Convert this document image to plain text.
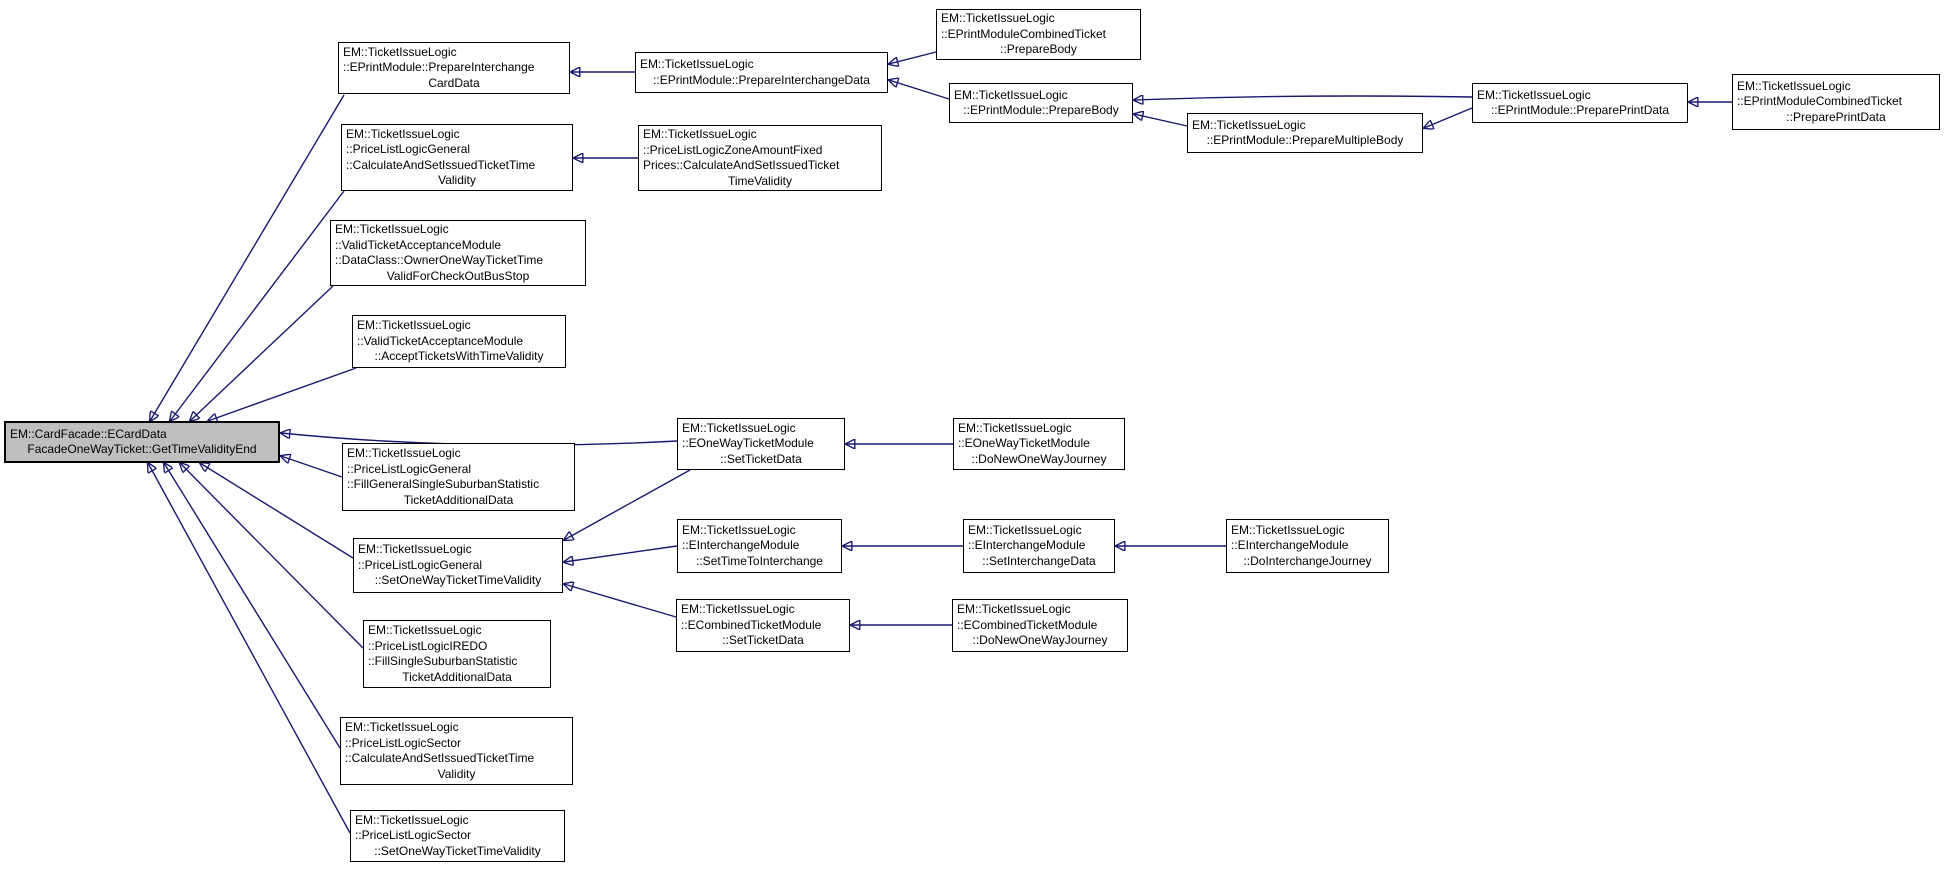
EM::CardFacade::ECardData
FacadeOneWayTicket::GetTimeValidityEnd
EM::TicketIssueLogic
::EPrintModule::PrepareInterchange
CardData
EM::TicketIssueLogic
::EPrintModule::PrepareInterchangeData
EM::TicketIssueLogic
::EPrintModuleCombinedTicket
::PrepareBody
EM::TicketIssueLogic
::EPrintModule::PrepareBody
EM::TicketIssueLogic
::EPrintModule::PrepareMultipleBody
EM::TicketIssueLogic
::EPrintModule::PreparePrintData
EM::TicketIssueLogic
::EPrintModuleCombinedTicket
::PreparePrintData
EM::TicketIssueLogic
::PriceListLogicGeneral
::CalculateAndSetIssuedTicketTime
Validity
EM::TicketIssueLogic
::PriceListLogicZoneAmountFixed
Prices::CalculateAndSetIssuedTicket
TimeValidity
EM::TicketIssueLogic
::ValidTicketAcceptanceModule
::DataClass::OwnerOneWayTicketTime
ValidForCheckOutBusStop
EM::TicketIssueLogic
::ValidTicketAcceptanceModule
::AcceptTicketsWithTimeValidity
EM::TicketIssueLogic
::EOneWayTicketModule
::SetTicketData
EM::TicketIssueLogic
::EOneWayTicketModule
::DoNewOneWayJourney
EM::TicketIssueLogic
::PriceListLogicGeneral
::FillGeneralSingleSuburbanStatistic
TicketAdditionalData
EM::TicketIssueLogic
::PriceListLogicGeneral
::SetOneWayTicketTimeValidity
EM::TicketIssueLogic
::EInterchangeModule
::SetTimeToInterchange
EM::TicketIssueLogic
::EInterchangeModule
::SetInterchangeData
EM::TicketIssueLogic
::EInterchangeModule
::DoInterchangeJourney
EM::TicketIssueLogic
::ECombinedTicketModule
::SetTicketData
EM::TicketIssueLogic
::ECombinedTicketModule
::DoNewOneWayJourney
EM::TicketIssueLogic
::PriceListLogicIREDO
::FillSingleSuburbanStatistic
TicketAdditionalData
EM::TicketIssueLogic
::PriceListLogicSector
::CalculateAndSetIssuedTicketTime
Validity
EM::TicketIssueLogic
::PriceListLogicSector
::SetOneWayTicketTimeValidity
